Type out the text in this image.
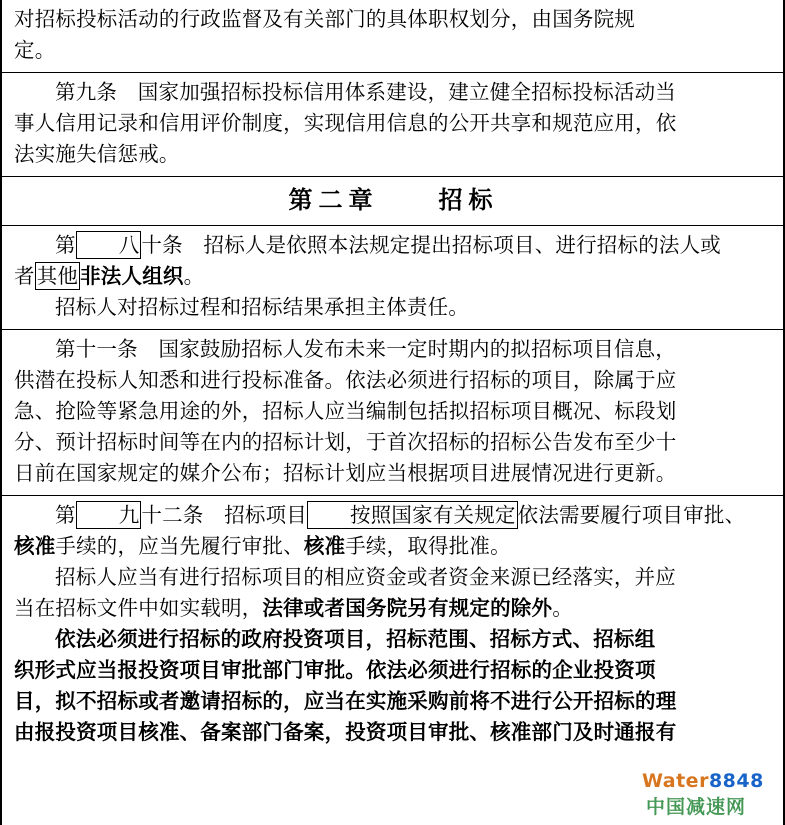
对招标投标活动的行政监督及有关部门的具体职权划分，由国务院规

定。

第九条　国家加强招标投标信用体系建设，建立健全招标投标活动当

事人信用记录和信用评价制度，实现信用信息的公开共享和规范应用，依

法实施失信惩戒。

第二章　　招标

第 八十条　招标人是依照本法规定提出招标项目、进行招标的法人或

者其他非法人组织。

招标人对招标过程和招标结果承担主体责任。

第十一条　国家鼓励招标人发布未来一定时期内的拟招标项目信息，

供潜在投标人知悉和进行投标准备。依法必须进行招标的项目，除属于应

急、抢险等紧急用途的外，招标人应当编制包括拟招标项目概况、标段划

分、预计招标时间等在内的招标计划，于首次招标的招标公告发布至少十

日前在国家规定的媒介公布；招标计划应当根据项目进展情况进行更新。

第 九十二条　招标项目 按照国家有关规定依法需要履行项目审批、

核准手续的，应当先履行审批、核准手续，取得批准。

招标人应当有进行招标项目的相应资金或者资金来源已经落实，并应

当在招标文件中如实载明，法律或者国务院另有规定的除外。

依法必须进行招标的政府投资项目，招标范围、招标方式、招标组

织形式应当报投资项目审批部门审批。依法必须进行招标的企业投资项

目，拟不招标或者邀请招标的，应当在实施采购前将不进行公开招标的理

由报投资项目核准、备案部门备案，投资项目审批、核准部门及时通报有

Water8848
中国减速网
